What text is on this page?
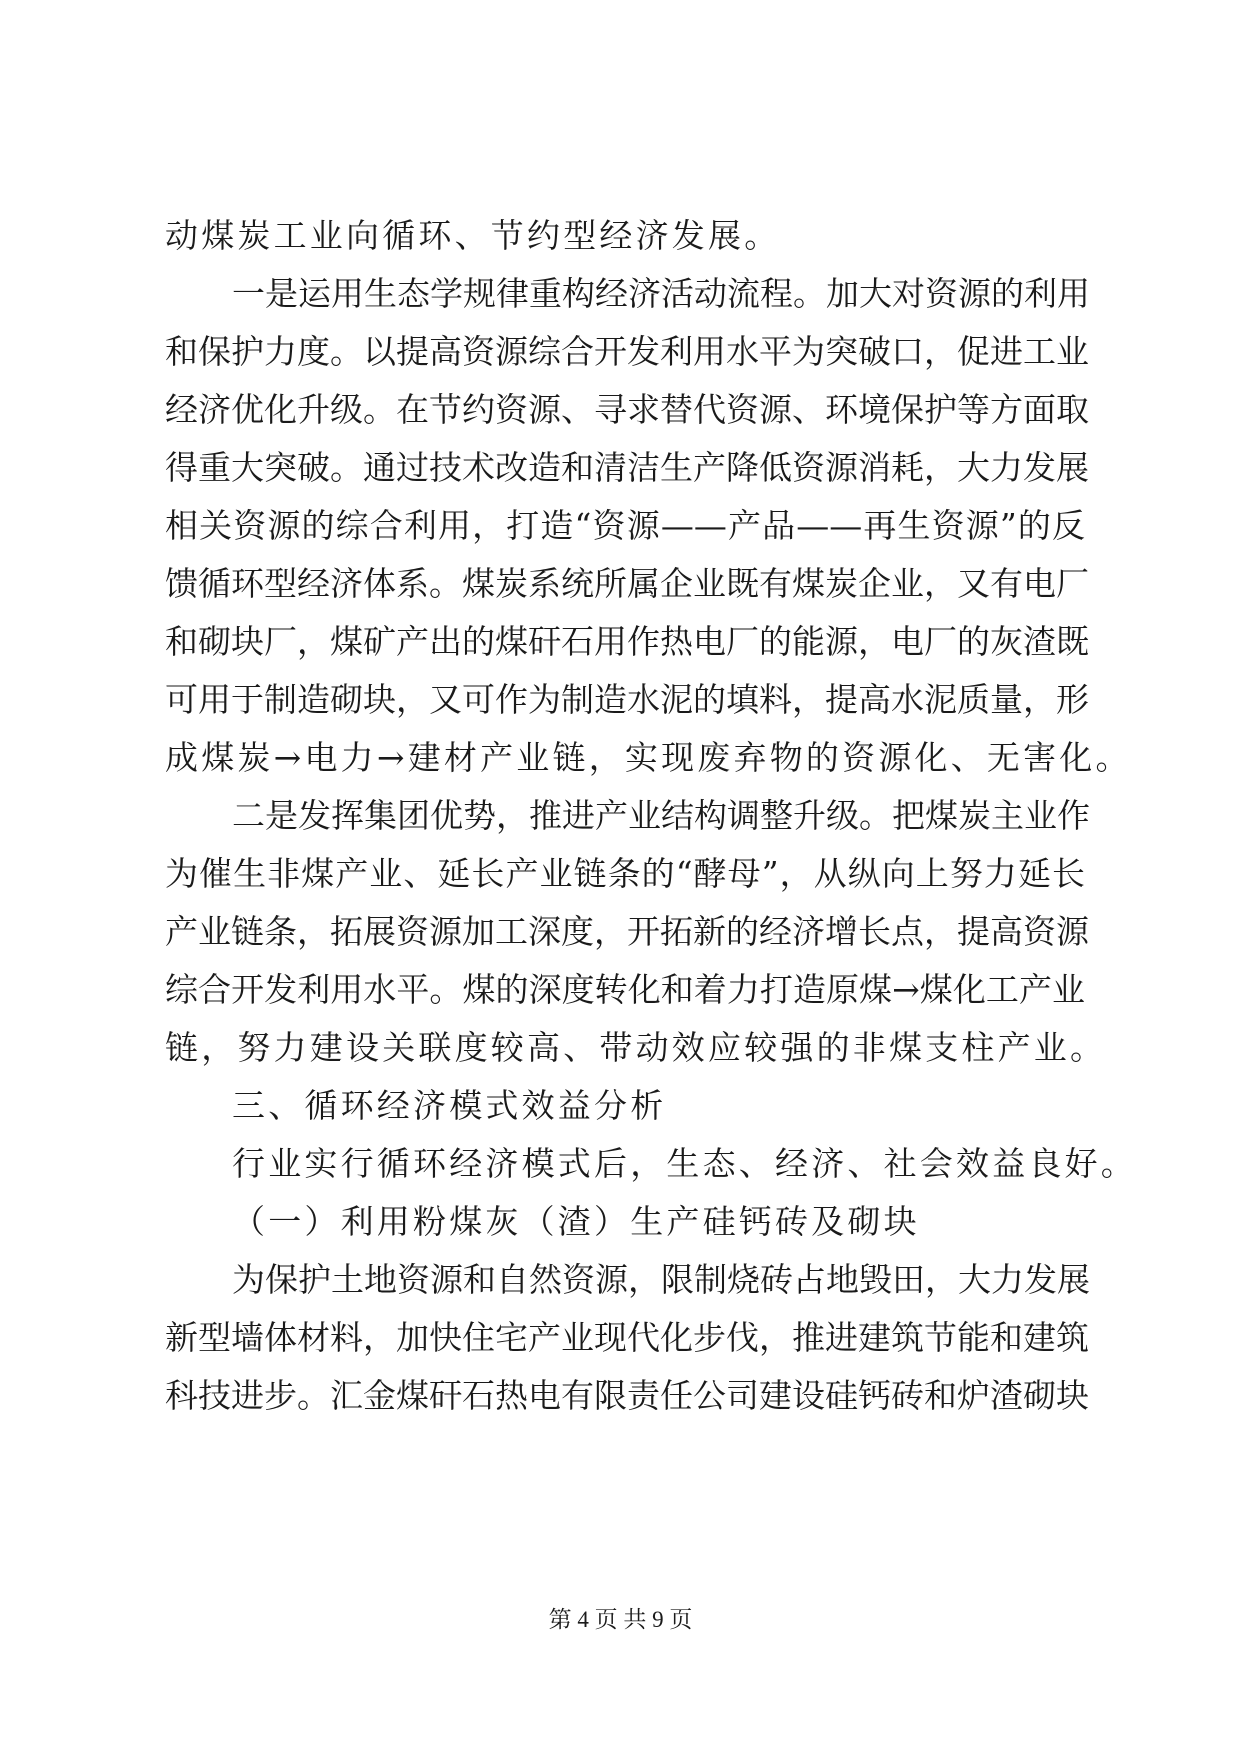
动煤炭工业向循环、节约型经济发展。
一是运用生态学规律重构经济活动流程。加大对资源的利用
和保护力度。以提高资源综合开发利用水平为突破口，促进工业
经济优化升级。在节约资源、寻求替代资源、环境保护等方面取
得重大突破。通过技术改造和清洁生产降低资源消耗，大力发展
相关资源的综合利用，打造“资源——产品——再生资源”的反
馈循环型经济体系。煤炭系统所属企业既有煤炭企业，又有电厂
和砌块厂，煤矿产出的煤矸石用作热电厂的能源，电厂的灰渣既
可用于制造砌块，又可作为制造水泥的填料，提高水泥质量，形
成煤炭→电力→建材产业链，实现废弃物的资源化、无害化。
二是发挥集团优势，推进产业结构调整升级。把煤炭主业作
为催生非煤产业、延长产业链条的“酵母”，从纵向上努力延长
产业链条，拓展资源加工深度，开拓新的经济增长点，提高资源
综合开发利用水平。煤的深度转化和着力打造原煤→煤化工产业
链，努力建设关联度较高、带动效应较强的非煤支柱产业。
三、循环经济模式效益分析
行业实行循环经济模式后，生态、经济、社会效益良好。
（一）利用粉煤灰（渣）生产硅钙砖及砌块
为保护土地资源和自然资源，限制烧砖占地毁田，大力发展
新型墙体材料，加快住宅产业现代化步伐，推进建筑节能和建筑
科技进步。汇金煤矸石热电有限责任公司建设硅钙砖和炉渣砌块
第 4 页 共 9 页
